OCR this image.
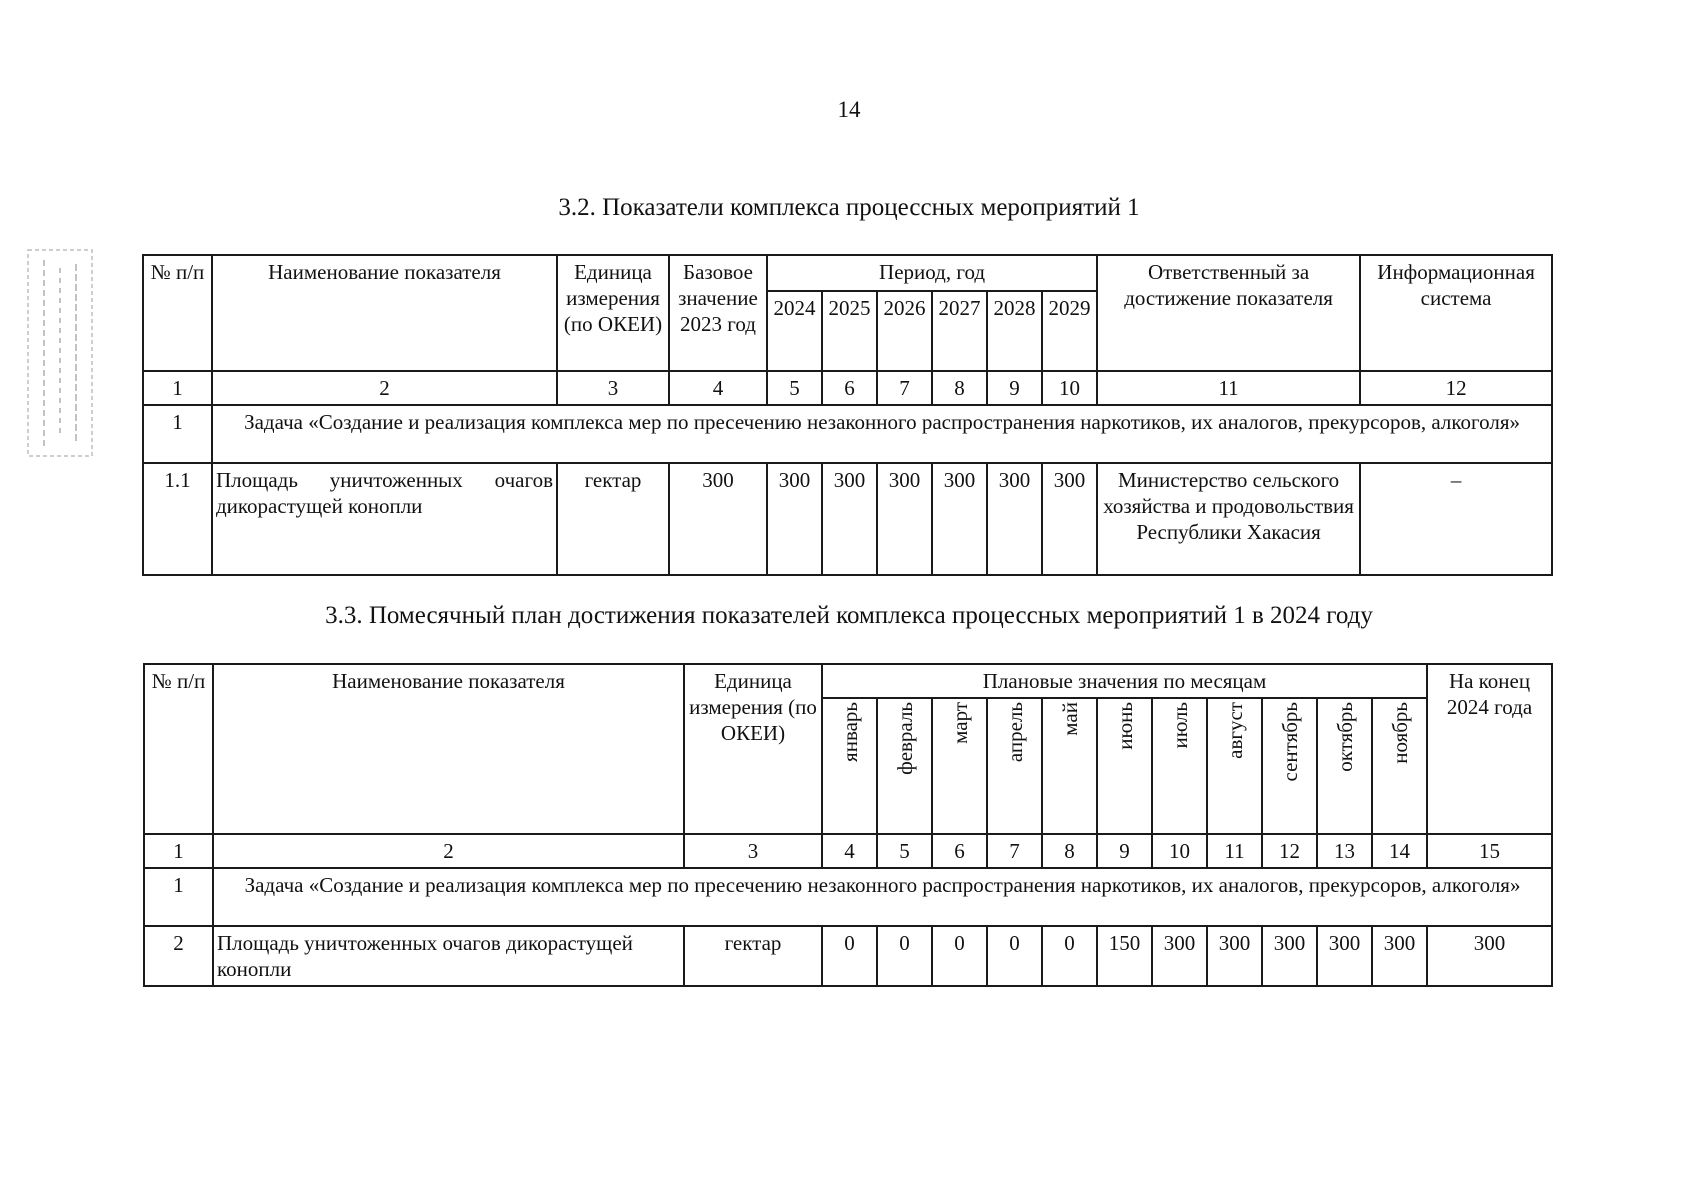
14
3.2. Показатели комплекса процессных мероприятий 1
№ п/п	Наименование показателя	Единица измерения (по ОКЕИ)	Базовое значение 2023 год	Период, год						Ответственный за достижение показателя	Информационная система
				2024	2025	2026	2027	2028	2029		
1	2	3	4	5	6	7	8	9	10	11	12
1	Задача «Создание и реализация комплекса мер по пресечению незаконного распространения наркотиков, их аналогов, прекурсоров, алкоголя»										
1.1	Площадь уничтоженных очагов дикорастущей конопли	гектар	300	300	300	300	300	300	300	Министерство сельского хозяйства и продовольствия Республики Хакасия	–
3.3. Помесячный план достижения показателей комплекса процессных мероприятий 1 в 2024 году
№ п/п	Наименование показателя	Единица измерения (по ОКЕИ)	Плановые значения по месяцам											На конец 2024 года
			январь	февраль	март	апрель	май	июнь	июль	август	сентябрь	октябрь	ноябрь	
1	2	3	4	5	6	7	8	9	10	11	12	13	14	15
1	Задача «Создание и реализация комплекса мер по пресечению незаконного распространения наркотиков, их аналогов, прекурсоров, алкоголя»													
2	Площадь уничтоженных очагов дикорастущей конопли	гектар	0	0	0	0	0	150	300	300	300	300	300	300
